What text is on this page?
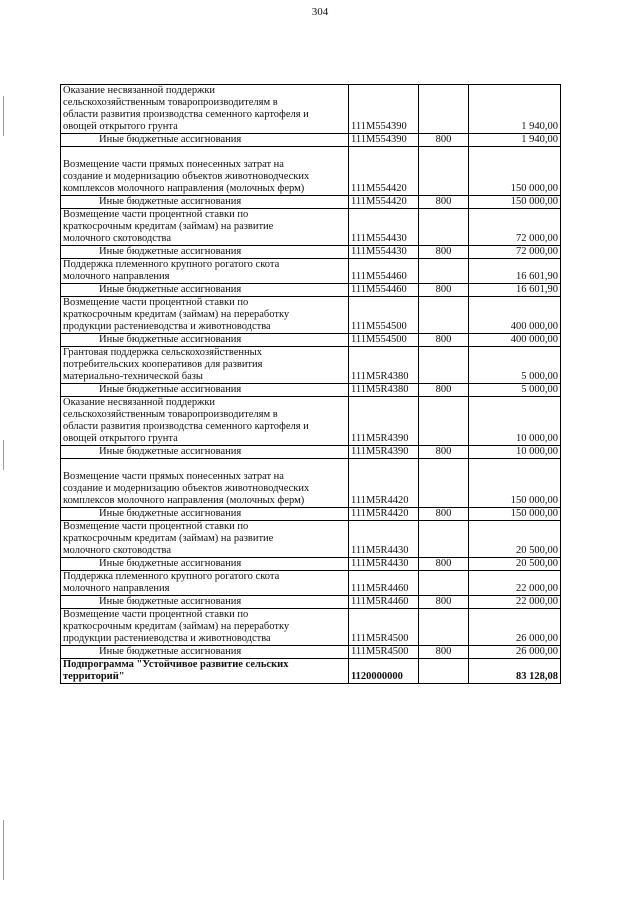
304
Оказание несвязанной поддержки
сельскохозяйственным товаропроизводителям в
области развития производства семенного картофеля и
овощей открытого грунта	111M554390		1 940,00

Иные бюджетные ассигнования	111M554390	800	1 940,00

Возмещение части прямых понесенных затрат на
создание и модернизацию объектов животноводческих
комплексов молочного направления (молочных ферм)	111M554420		150 000,00

Иные бюджетные ассигнования	111M554420	800	150 000,00

Возмещение части процентной ставки по
краткосрочным кредитам (займам) на развитие
молочного скотоводства	111M554430		72 000,00

Иные бюджетные ассигнования	111M554430	800	72 000,00

Поддержка племенного крупного рогатого скота
молочного направления	111M554460		16 601,90

Иные бюджетные ассигнования	111M554460	800	16 601,90

Возмещение части процентной ставки по
краткосрочным кредитам (займам) на переработку
продукции растениеводства и животноводства	111M554500		400 000,00

Иные бюджетные ассигнования	111M554500	800	400 000,00

Грантовая поддержка сельскохозяйственных
потребительских кооперативов для развития
материально-технической базы	111M5R4380		5 000,00

Иные бюджетные ассигнования	111M5R4380	800	5 000,00

Оказание несвязанной поддержки
сельскохозяйственным товаропроизводителям в
области развития производства семенного картофеля и
овощей открытого грунта	111M5R4390		10 000,00

Иные бюджетные ассигнования	111M5R4390	800	10 000,00

Возмещение части прямых понесенных затрат на
создание и модернизацию объектов животноводческих
комплексов молочного направления (молочных ферм)	111M5R4420		150 000,00

Иные бюджетные ассигнования	111M5R4420	800	150 000,00

Возмещение части процентной ставки по
краткосрочным кредитам (займам) на развитие
молочного скотоводства	111M5R4430		20 500,00

Иные бюджетные ассигнования	111M5R4430	800	20 500,00

Поддержка племенного крупного рогатого скота
молочного направления	111M5R4460		22 000,00

Иные бюджетные ассигнования	111M5R4460	800	22 000,00

Возмещение части процентной ставки по
краткосрочным кредитам (займам) на переработку
продукции растениеводства и животноводства	111M5R4500		26 000,00

Иные бюджетные ассигнования	111M5R4500	800	26 000,00

Подпрограмма "Устойчивое развитие сельских
территорий"	1120000000		83 128,08
